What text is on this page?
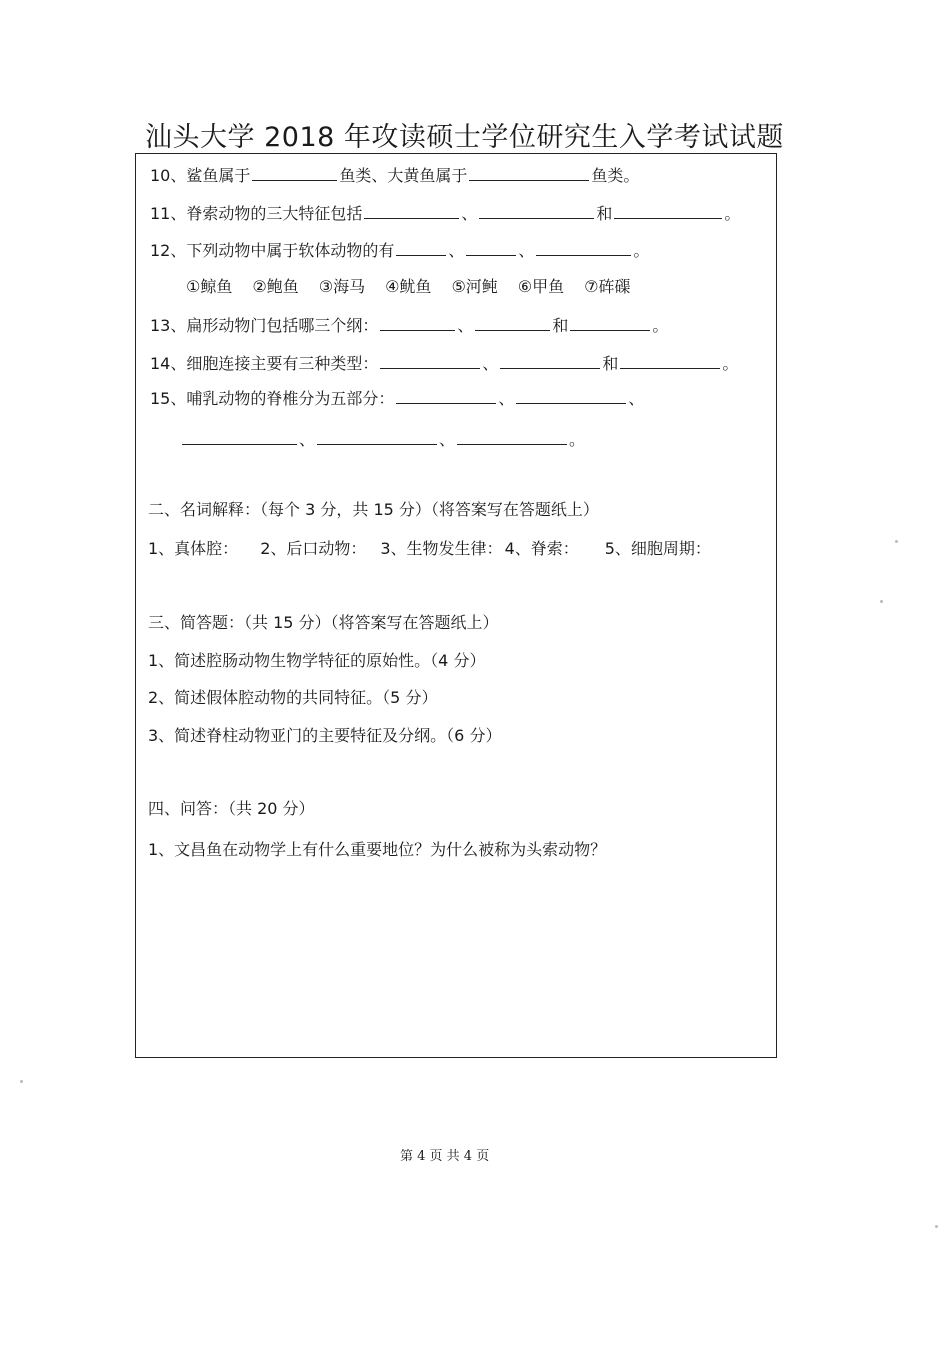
汕头大学 2018 年攻读硕士学位研究生入学考试试题
10、鲨鱼属于	鱼类、大黄鱼属于	鱼类。
11、脊索动物的三大特征包括	、	和	。
12、下列动物中属于软体动物的有	、	、	。
①鲸鱼 ②鲍鱼 ③海马 ④鱿鱼 ⑤河鲀 ⑥甲鱼 ⑦砗磲
13、扁形动物门包括哪三个纲：	、	和	。
14、细胞连接主要有三种类型：	、	和	。
15、哺乳动物的脊椎分为五部分：	、	、
、	、	。
二、名词解释：（每个 3 分，共 15 分）（将答案写在答题纸上）
1、真体腔： 2、后口动物： 3、生物发生律： 4、脊索： 5、细胞周期：
三、简答题：（共 15 分）（将答案写在答题纸上）
1、简述腔肠动物生物学特征的原始性。（4 分）
2、简述假体腔动物的共同特征。（5 分）
3、简述脊柱动物亚门的主要特征及分纲。（6 分）
四、问答：（共 20 分）
1、文昌鱼在动物学上有什么重要地位？为什么被称为头索动物？
第 4 页 共 4 页
